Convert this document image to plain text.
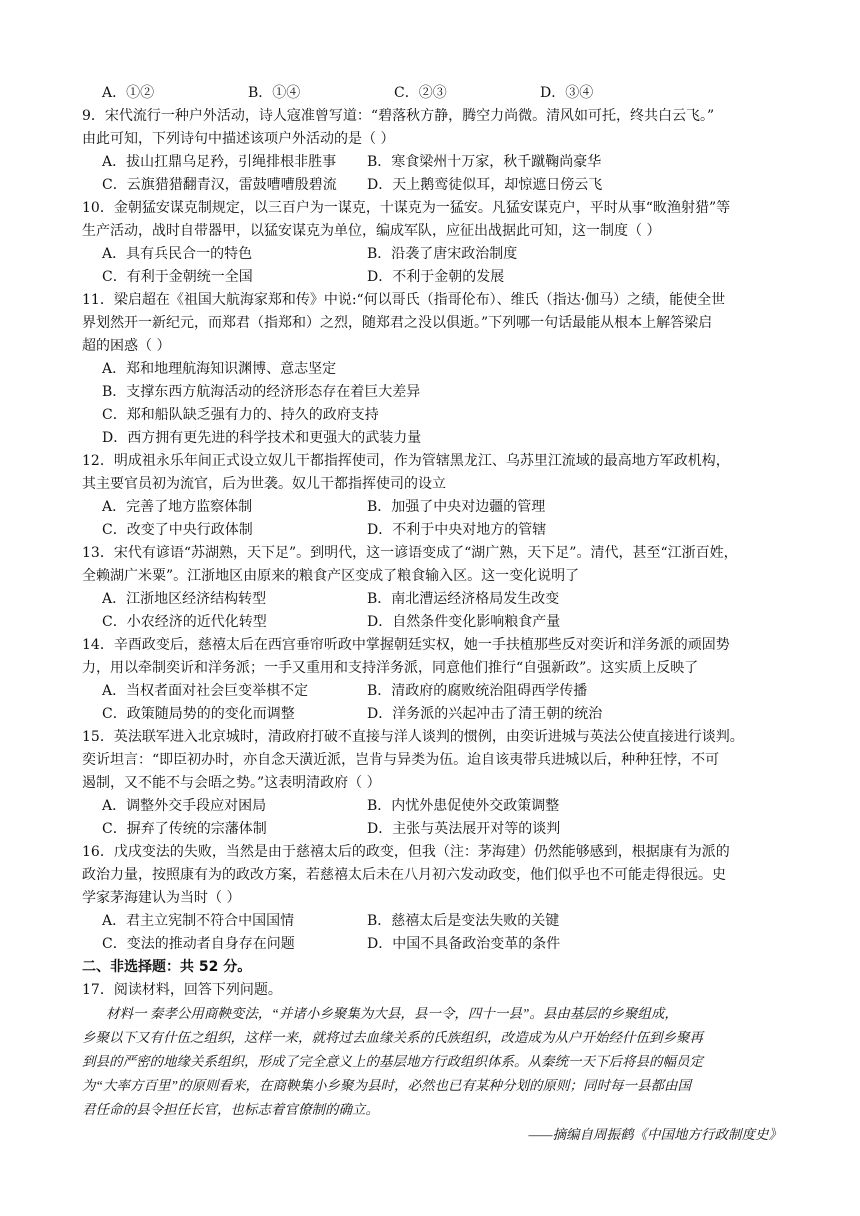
A．①②	B．①④	C．②③	D．③④
9．宋代流行一种户外活动，诗人寇准曾写道：“碧落秋方静，腾空力尚微。清风如可托，终共白云飞。”
由此可知，下列诗句中描述该项户外活动的是（ ）
A．拔山扛鼎乌足矜，引绳排根非胜事	B．寒食梁州十万家，秋千蹴鞠尚豪华
C．云旗猎猎翻青汉，雷鼓嘈嘈殷碧流	D．天上鹅鸾徒似耳，却惊遮日傍云飞
10．金朝猛安谋克制规定，以三百户为一谋克，十谋克为一猛安。凡猛安谋克户，平时从事“畋渔射猎”等
生产活动，战时自带器甲，以猛安谋克为单位，编成军队，应征出战据此可知，这一制度（ ）
A．具有兵民合一的特色	B．沿袭了唐宋政治制度
C．有利于金朝统一全国	D．不利于金朝的发展
11．梁启超在《祖国大航海家郑和传》中说:“何以哥氏（指哥伦布）、维氏（指达·伽马）之绩，能使全世
界划然开一新纪元，而郑君（指郑和）之烈，随郑君之没以俱逝。”下列哪一句话最能从根本上解答梁启
超的困惑（ ）
A．郑和地理航海知识渊博、意志坚定
B．支撑东西方航海活动的经济形态存在着巨大差异
C．郑和船队缺乏强有力的、持久的政府支持
D．西方拥有更先进的科学技术和更强大的武装力量
12．明成祖永乐年间正式设立奴儿干都指挥使司，作为管辖黑龙江、乌苏里江流域的最高地方军政机构，
其主要官员初为流官，后为世袭。奴儿干都指挥使司的设立
A．完善了地方监察体制	B．加强了中央对边疆的管理
C．改变了中央行政体制	D．不利于中央对地方的管辖
13．宋代有谚语“苏湖熟，天下足”。到明代，这一谚语变成了“湖广熟，天下足”。清代，甚至“江浙百姓，
全赖湖广米粟”。江浙地区由原来的粮食产区变成了粮食输入区。这一变化说明了
A．江浙地区经济结构转型	B．南北漕运经济格局发生改变
C．小农经济的近代化转型	D．自然条件变化影响粮食产量
14．辛酉政变后，慈禧太后在西宫垂帘听政中掌握朝廷实权，她一手扶植那些反对奕䜣和洋务派的顽固势
力，用以牵制奕䜣和洋务派；一手又重用和支持洋务派，同意他们推行“自强新政”。这实质上反映了
A．当权者面对社会巨变举棋不定	B．清政府的腐败统治阻碍西学传播
C．政策随局势的的变化而调整	D．洋务派的兴起冲击了清王朝的统治
15．英法联军进入北京城时，清政府打破不直接与洋人谈判的惯例，由奕䜣进城与英法公使直接进行谈判。
奕䜣坦言：“即臣初办时，亦自念天潢近派，岂肯与异类为伍。迨自该夷带兵进城以后，种种狂悖，不可
遏制，又不能不与会晤之势。”这表明清政府（ ）
A．调整外交手段应对困局	B．内忧外患促使外交政策调整
C．摒弃了传统的宗藩体制	D．主张与英法展开对等的谈判
16．戊戌变法的失败，当然是由于慈禧太后的政变，但我（注：茅海建）仍然能够感到，根据康有为派的
政治力量，按照康有为的政改方案，若慈禧太后未在八月初六发动政变，他们似乎也不可能走得很远。史
学家茅海建认为当时（ ）
A．君主立宪制不符合中国国情	B．慈禧太后是变法失败的关键
C．变法的推动者自身存在问题	D．中国不具备政治变革的条件
二、非选择题：共 52 分。
17．阅读材料，回答下列问题。
材料一 秦孝公用商鞅变法，“并诸小乡聚集为大县，县一令，四十一县”。县由基层的乡聚组成，
乡聚以下又有什伍之组织，这样一来，就将过去血缘关系的氏族组织，改造成为从户开始经什伍到乡聚再
到县的严密的地缘关系组织，形成了完全意义上的基层地方行政组织体系。从秦统一天下后将县的幅员定
为“大率方百里”的原则看来，在商鞅集小乡聚为县时，必然也已有某种分划的原则；同时每一县都由国
君任命的县令担任长官，也标志着官僚制的确立。
——摘编自周振鹤《中国地方行政制度史》
